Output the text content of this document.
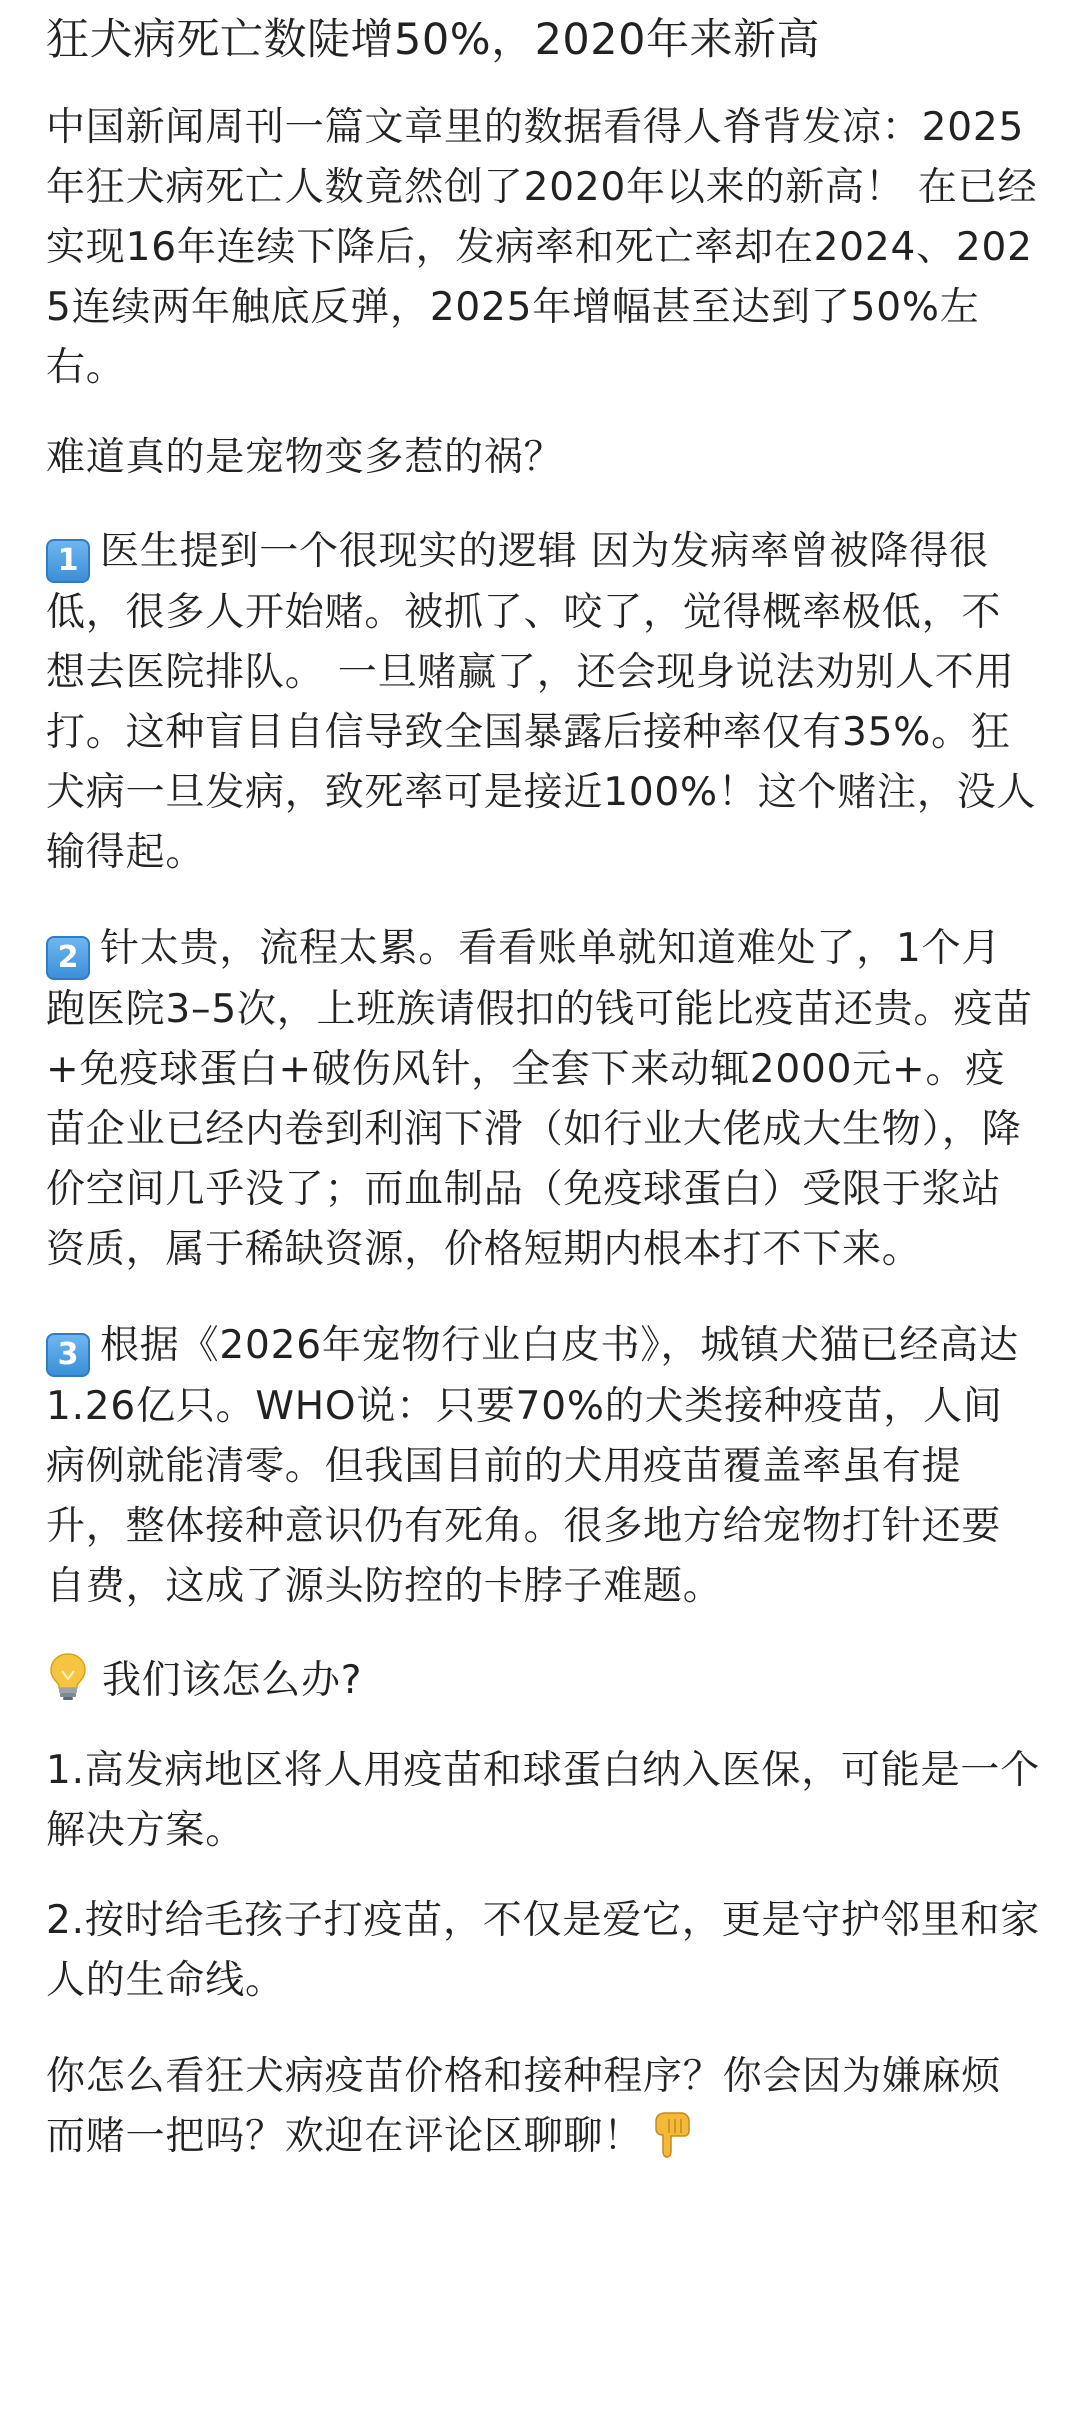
狂犬病死亡数陡增50%，2020年来新高

中国新闻周刊一篇文章里的数据看得人脊背发凉：2025年狂犬病死亡人数竟然创了2020年以来的新高！ 在已经实现16年连续下降后，发病率和死亡率却在2024、2025连续两年触底反弹，2025年增幅甚至达到了50%左右。

难道真的是宠物变多惹的祸？

1 医生提到一个很现实的逻辑 因为发病率曾被降得很低，很多人开始赌。被抓了、咬了，觉得概率极低，不想去医院排队。 一旦赌赢了，还会现身说法劝别人不用打。这种盲目自信导致全国暴露后接种率仅有35%。狂犬病一旦发病，致死率可是接近100%！这个赌注，没人输得起。

2 针太贵，流程太累。看看账单就知道难处了，1个月跑医院3–5次，上班族请假扣的钱可能比疫苗还贵。疫苗+免疫球蛋白+破伤风针，全套下来动辄2000元+。疫苗企业已经内卷到利润下滑（如行业大佬成大生物），降价空间几乎没了；而血制品（免疫球蛋白）受限于浆站资质，属于稀缺资源，价格短期内根本打不下来。

3 根据《2026年宠物行业白皮书》，城镇犬猫已经高达1.26亿只。WHO说：只要70%的犬类接种疫苗，人间病例就能清零。但我国目前的犬用疫苗覆盖率虽有提升，整体接种意识仍有死角。很多地方给宠物打针还要自费，这成了源头防控的卡脖子难题。

我们该怎么办?

1.高发病地区将人用疫苗和球蛋白纳入医保，可能是一个解决方案。

2.按时给毛孩子打疫苗，不仅是爱它，更是守护邻里和家人的生命线。

你怎么看狂犬病疫苗价格和接种程序？你会因为嫌麻烦而赌一把吗？欢迎在评论区聊聊！
